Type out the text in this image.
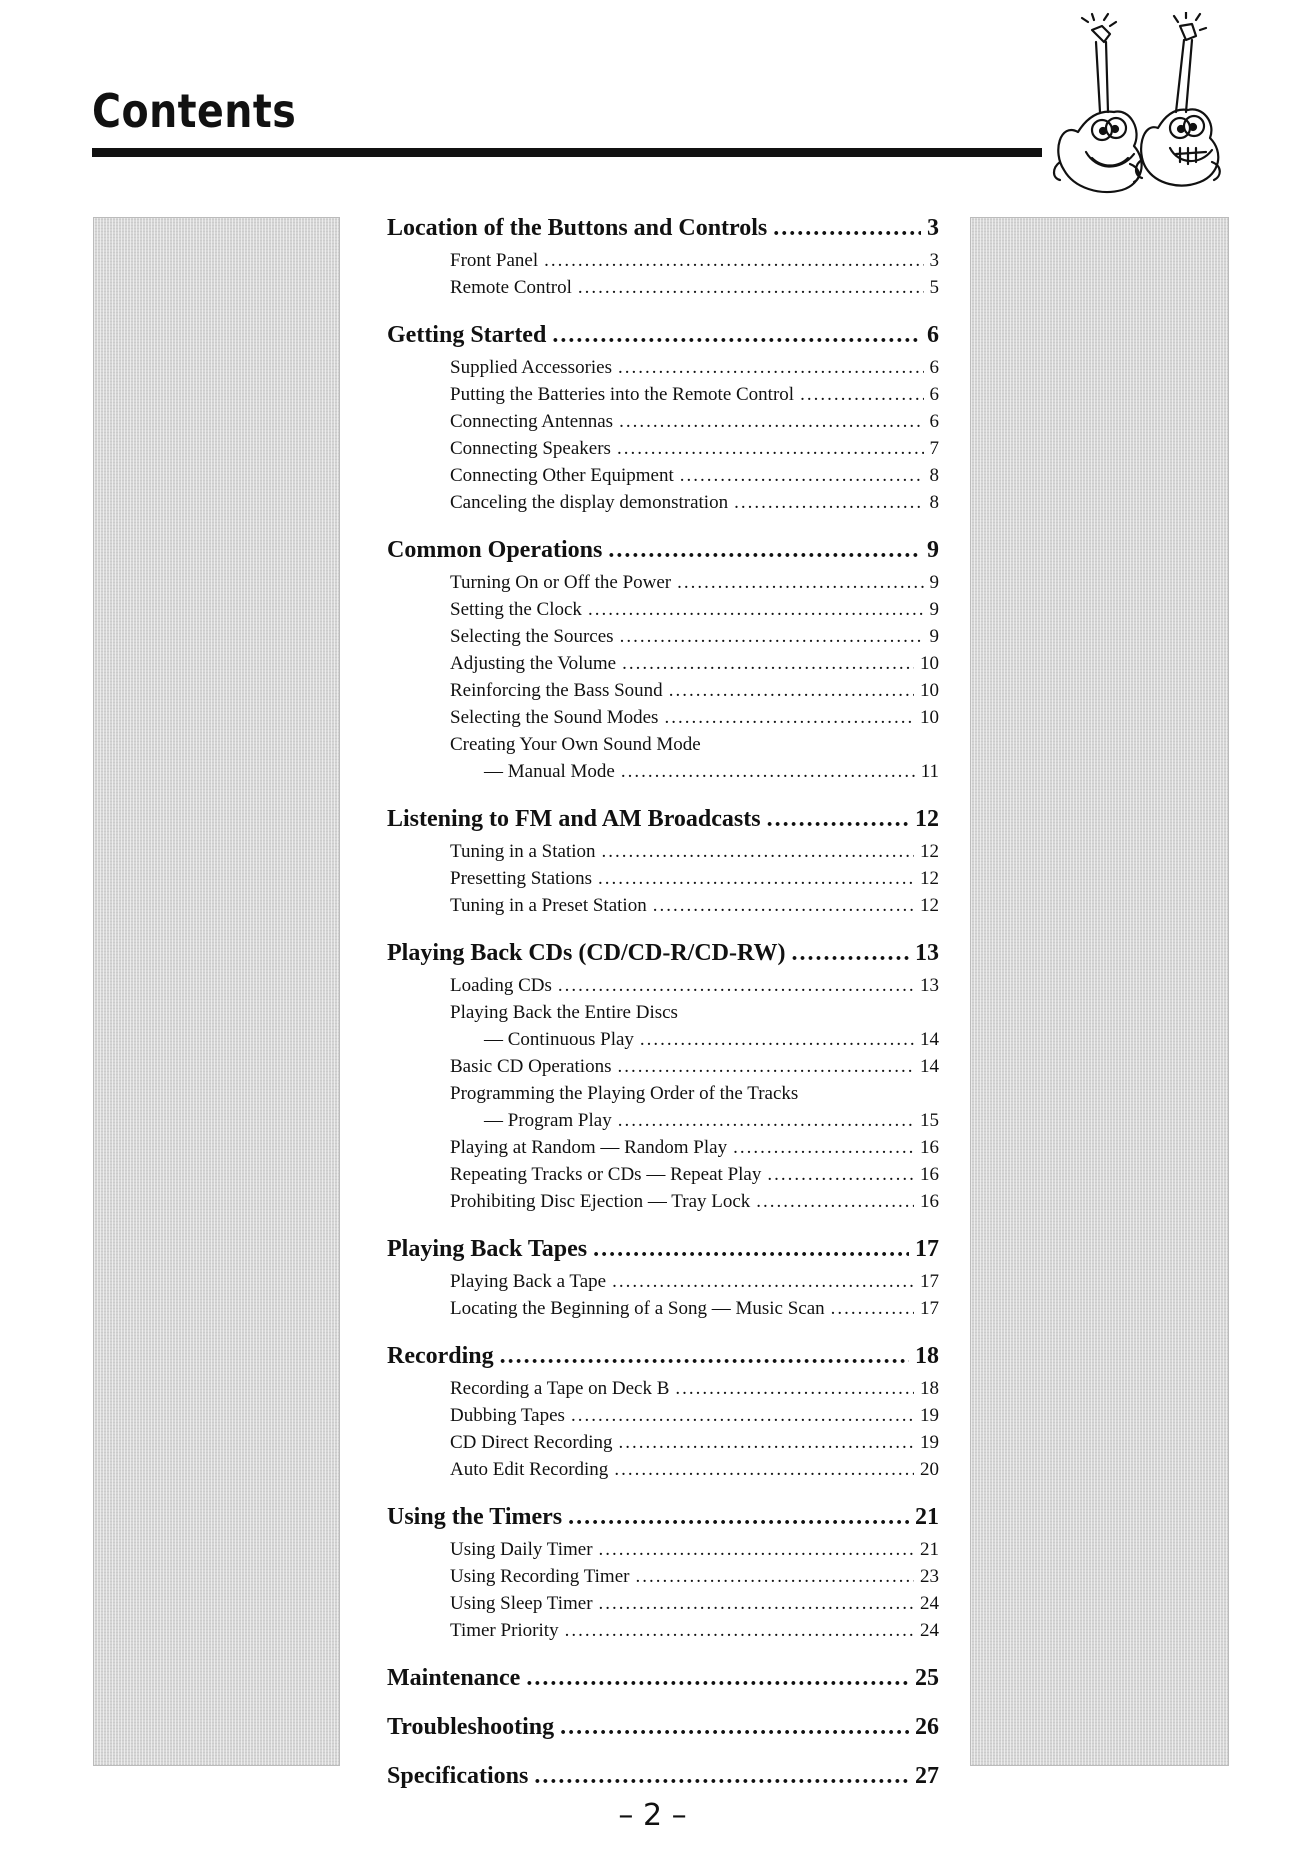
Contents
Location of the Buttons and Controls .....	3
Front Panel .....	3
Remote Control .....	5
Getting Started .....	6
Supplied Accessories .....	6
Putting the Batteries into the Remote Control .....	6
Connecting Antennas .....	6
Connecting Speakers .....	7
Connecting Other Equipment .....	8
Canceling the display demonstration .....	8
Common Operations .....	9
Turning On or Off the Power .....	9
Setting the Clock .....	9
Selecting the Sources .....	9
Adjusting the Volume .....	10
Reinforcing the Bass Sound .....	10
Selecting the Sound Modes .....	10
Creating Your Own Sound Mode
— Manual Mode .....	11
Listening to FM and AM Broadcasts .....	12
Tuning in a Station .....	12
Presetting Stations .....	12
Tuning in a Preset Station .....	12
Playing Back CDs (CD/CD-R/CD-RW) .....	13
Loading CDs .....	13
Playing Back the Entire Discs
— Continuous Play .....	14
Basic CD Operations .....	14
Programming the Playing Order of the Tracks
— Program Play .....	15
Playing at Random — Random Play .....	16
Repeating Tracks or CDs — Repeat Play .....	16
Prohibiting Disc Ejection — Tray Lock .....	16
Playing Back Tapes .....	17
Playing Back a Tape .....	17
Locating the Beginning of a Song — Music Scan .....	17
Recording .....	18
Recording a Tape on Deck B .....	18
Dubbing Tapes .....	19
CD Direct Recording .....	19
Auto Edit Recording .....	20
Using the Timers .....	21
Using Daily Timer .....	21
Using Recording Timer .....	23
Using Sleep Timer .....	24
Timer Priority .....	24
Maintenance .....	25
Troubleshooting .....	26
Specifications .....	27
– 2 –
